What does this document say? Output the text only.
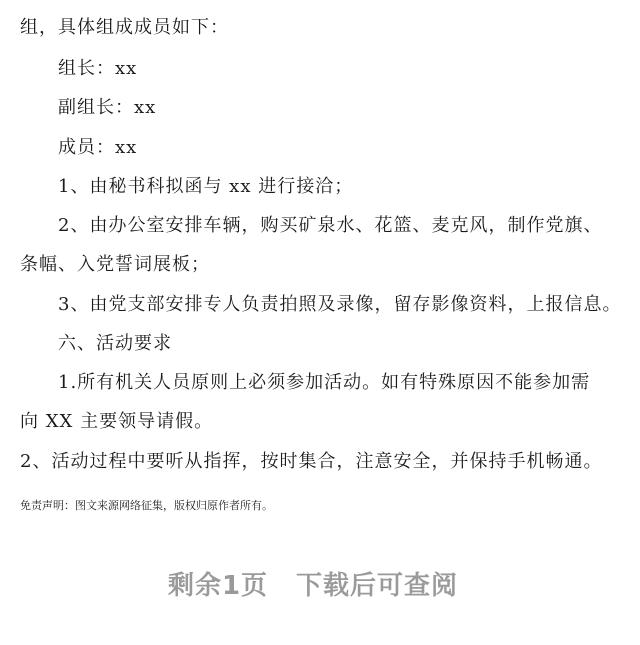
组，具体组成成员如下：
组长：xx
副组长：xx
成员：xx
1、由秘书科拟函与 xx 进行接洽；
2、由办公室安排车辆，购买矿泉水、花篮、麦克风，制作党旗、
条幅、入党誓词展板；
3、由党支部安排专人负责拍照及录像，留存影像资料，上报信息。
六、活动要求
1.所有机关人员原则上必须参加活动。如有特殊原因不能参加需
向 XX 主要领导请假。
2、活动过程中要听从指挥，按时集合，注意安全，并保持手机畅通。
免责声明：图文来源网络征集，版权归原作者所有。
剩余1页 下载后可查阅
